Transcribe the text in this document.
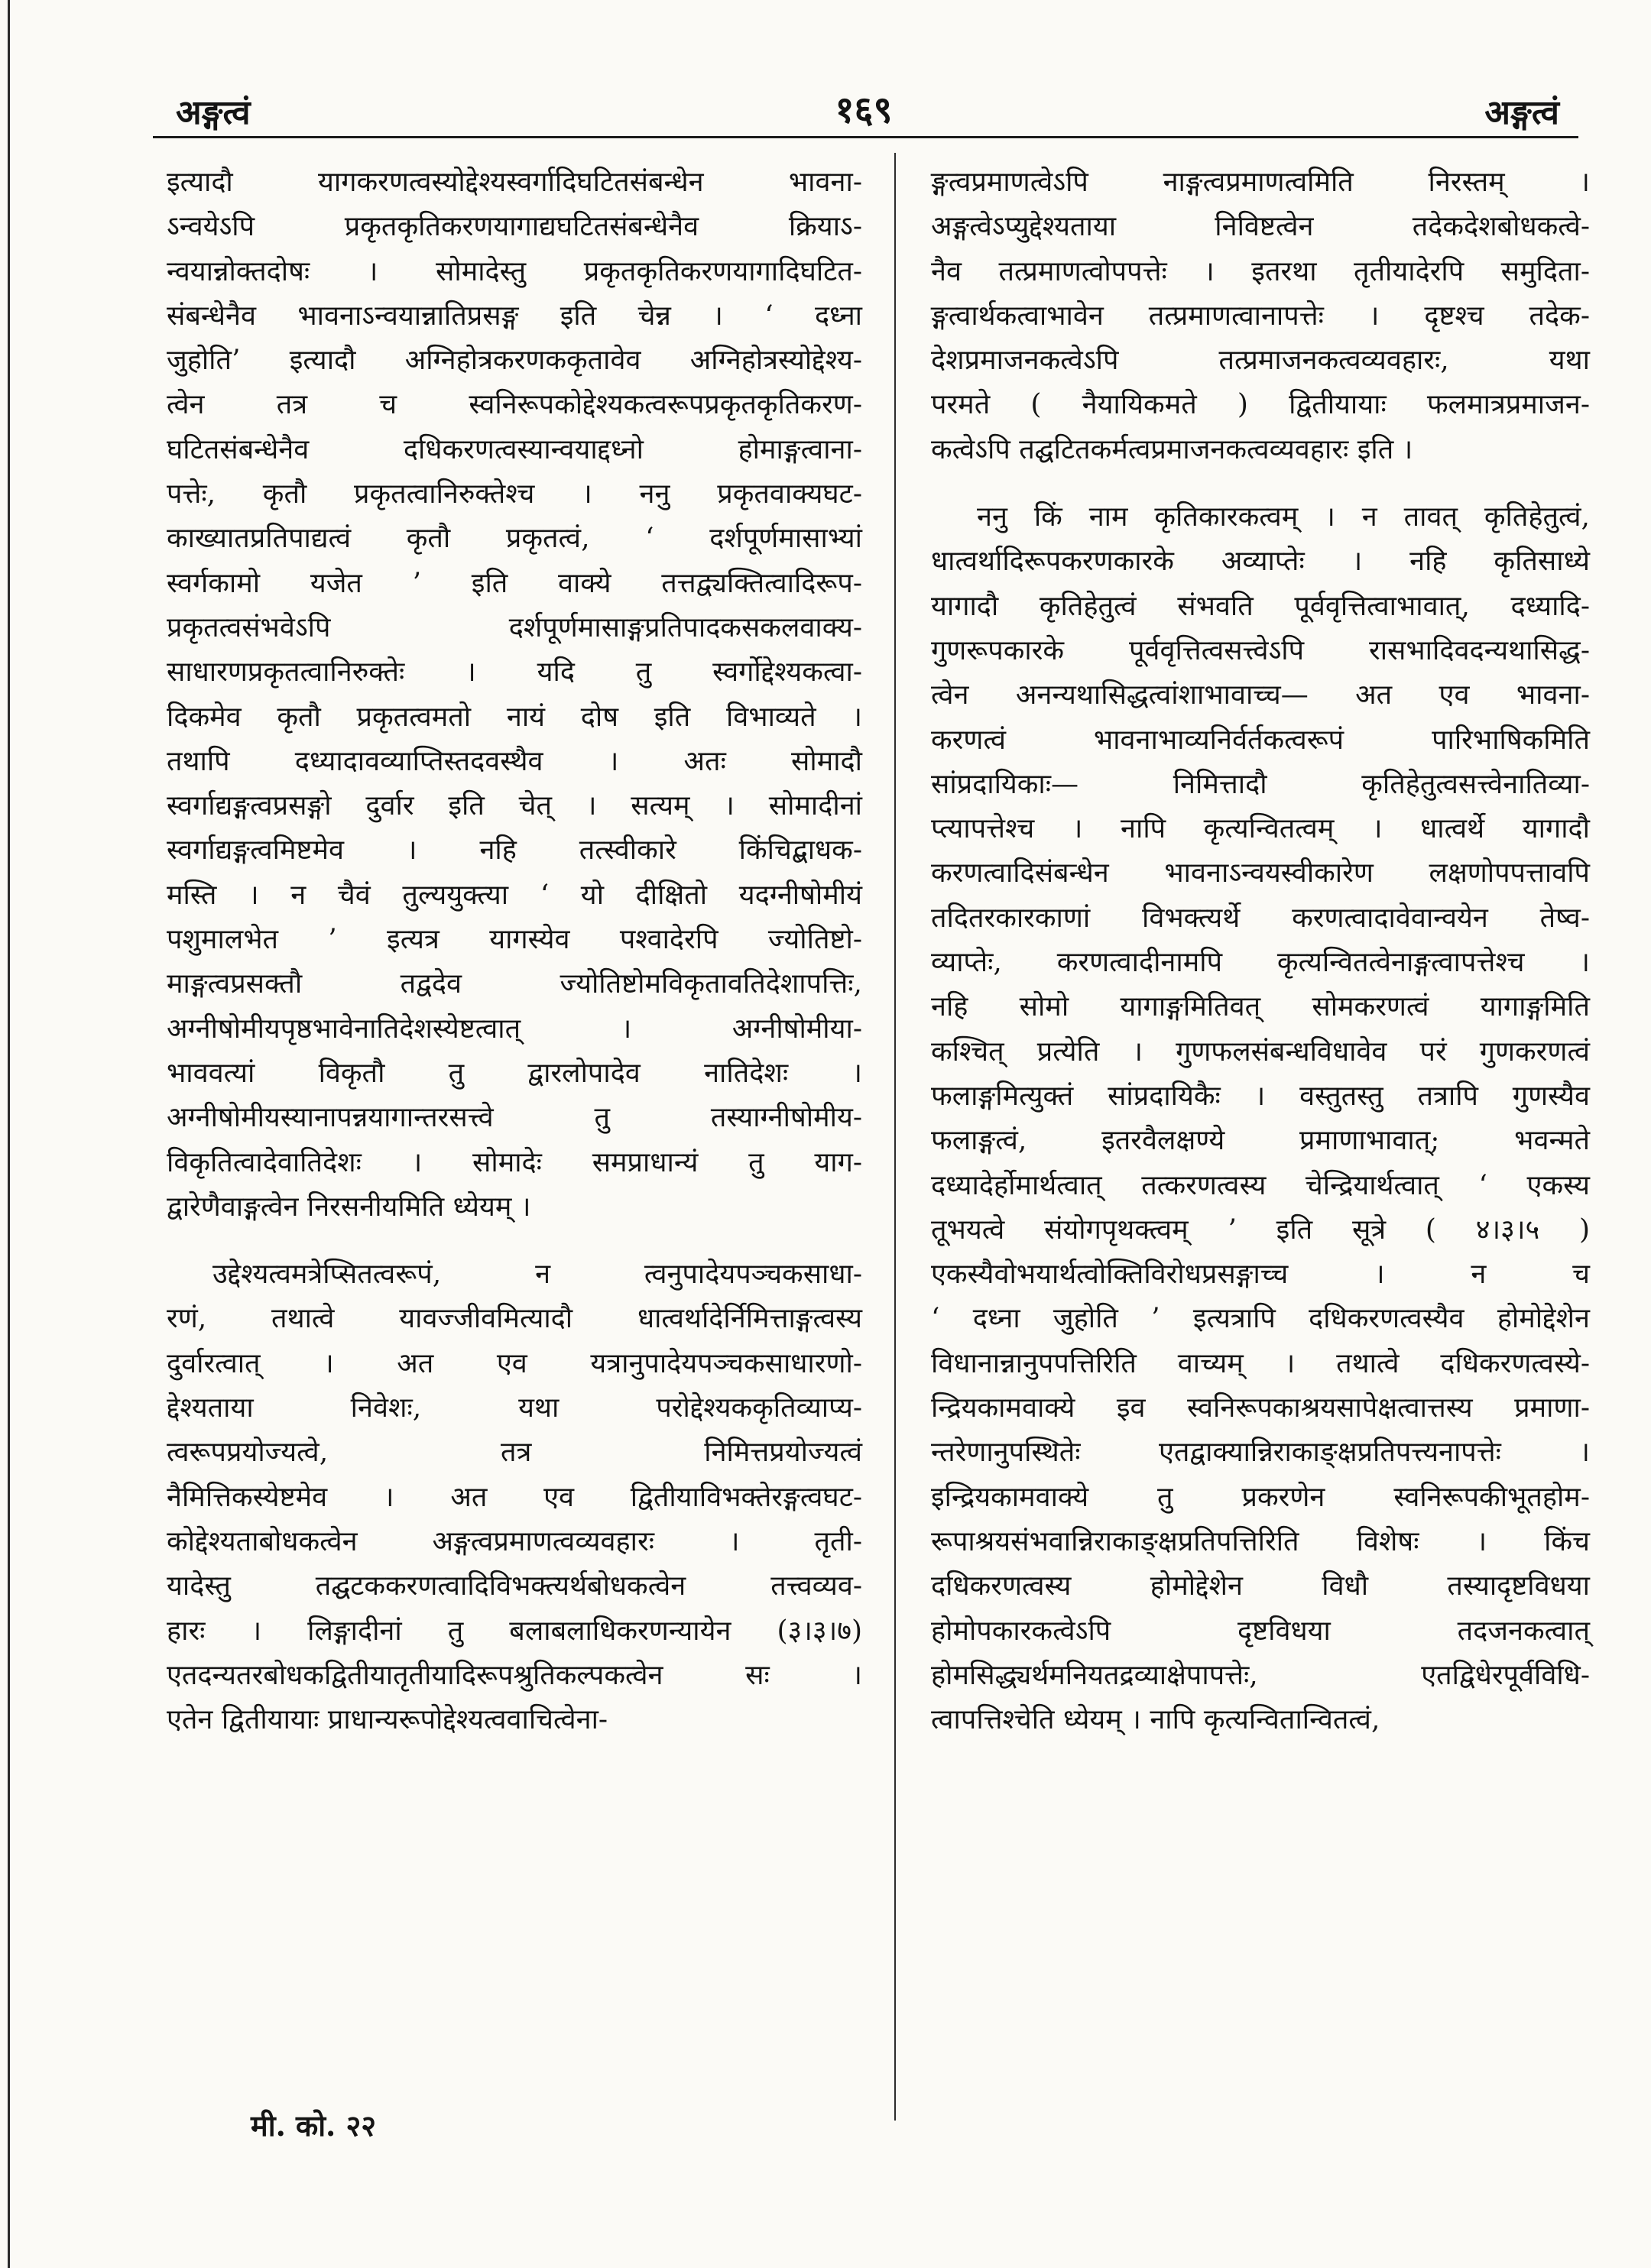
अङ्गत्वं	१६९	अङ्गत्वं

इत्यादौ यागकरणत्वस्योद्देश्यस्वर्गादिघटितसंबन्धेन भावना-

ऽन्वयेऽपि प्रकृतकृतिकरणयागाद्यघटितसंबन्धेनैव क्रियाऽ-

न्वयान्नोक्तदोषः । सोमादेस्तु प्रकृतकृतिकरणयागादिघटित-

संबन्धेनैव भावनाऽन्वयान्नातिप्रसङ्ग इति चेन्न । ‘ दध्ना

जुहोति’ इत्यादौ अग्निहोत्रकरणककृतावेव अग्निहोत्रस्योद्देश्य-

त्वेन तत्र च स्वनिरूपकोद्देश्यकत्वरूपप्रकृतकृतिकरण-

घटितसंबन्धेनैव दधिकरणत्वस्यान्वयाद्दध्नो होमाङ्गत्वाना-

पत्तेः, कृतौ प्रकृतत्वानिरुक्तेश्च । ननु प्रकृतवाक्यघट-

काख्यातप्रतिपाद्यत्वं कृतौ प्रकृतत्वं, ‘ दर्शपूर्णमासाभ्यां

स्वर्गकामो यजेत ’ इति वाक्ये तत्तद्व्यक्तित्वादिरूप-

प्रकृतत्वसंभवेऽपि दर्शपूर्णमासाङ्गप्रतिपादकसकलवाक्य-

साधारणप्रकृतत्वानिरुक्तेः । यदि तु स्वर्गोद्देश्यकत्वा-

दिकमेव कृतौ प्रकृतत्वमतो नायं दोष इति विभाव्यते ।

तथापि दध्यादावव्याप्तिस्तदवस्थैव । अतः सोमादौ

स्वर्गाद्यङ्गत्वप्रसङ्गो दुर्वार इति चेत् । सत्यम् । सोमादीनां

स्वर्गाद्यङ्गत्वमिष्टमेव । नहि तत्स्वीकारे किंचिद्बाधक-

मस्ति । न चैवं तुल्ययुक्त्या ‘ यो दीक्षितो यदग्नीषोमीयं

पशुमालभेत ’ इत्यत्र यागस्येव पश्वादेरपि ज्योतिष्टो-

माङ्गत्वप्रसक्तौ तद्वदेव ज्योतिष्टोमविकृतावतिदेशापत्तिः,

अग्नीषोमीयपृष्ठभावेनातिदेशस्येष्टत्वात् । अग्नीषोमीया-

भाववत्यां विकृतौ तु द्वारलोपादेव नातिदेशः ।

अग्नीषोमीयस्यानापन्नयागान्तरसत्त्वे तु तस्याग्नीषोमीय-

विकृतित्वादेवातिदेशः । सोमादेः समप्राधान्यं तु याग-

द्वारेणैवाङ्गत्वेन निरसनीयमिति ध्येयम् ।

उद्देश्यत्वमत्रेप्सितत्वरूपं, न त्वनुपादेयपञ्चकसाधा-

रणं, तथात्वे यावज्जीवमित्यादौ धात्वर्थादेर्निमित्ताङ्गत्वस्य

दुर्वारत्वात् । अत एव यत्रानुपादेयपञ्चकसाधारणो-

द्देश्यताया निवेशः, यथा परोद्देश्यककृतिव्याप्य-

त्वरूपप्रयोज्यत्वे, तत्र निमित्तप्रयोज्यत्वं

नैमित्तिकस्येष्टमेव । अत एव द्वितीयाविभक्तेरङ्गत्वघट-

कोद्देश्यताबोधकत्वेन अङ्गत्वप्रमाणत्वव्यवहारः । तृती-

यादेस्तु तद्घटककरणत्वादिविभक्त्यर्थबोधकत्वेन तत्त्वव्यव-

हारः । लिङ्गादीनां तु बलाबलाधिकरणन्यायेन (३।३।७)

एतदन्यतरबोधकद्वितीयातृतीयादिरूपश्रुतिकल्पकत्वेन सः ।

एतेन द्वितीयायाः प्राधान्यरूपोद्देश्यत्ववाचित्वेना-

ङ्गत्वप्रमाणत्वेऽपि नाङ्गत्वप्रमाणत्वमिति निरस्तम् ।

अङ्गत्वेऽप्युद्देश्यताया निविष्टत्वेन तदेकदेशबोधकत्वे-

नैव तत्प्रमाणत्वोपपत्तेः । इतरथा तृतीयादेरपि समुदिता-

ङ्गत्वार्थकत्वाभावेन तत्प्रमाणत्वानापत्तेः । दृष्टश्च तदेक-

देशप्रमाजनकत्वेऽपि तत्प्रमाजनकत्वव्यवहारः, यथा

परमते ( नैयायिकमते ) द्वितीयायाः फलमात्रप्रमाजन-

कत्वेऽपि तद्घटितकर्मत्वप्रमाजनकत्वव्यवहारः इति ।

ननु किं नाम कृतिकारकत्वम् । न तावत् कृतिहेतुत्वं,

धात्वर्थादिरूपकरणकारके अव्याप्तेः । नहि कृतिसाध्ये

यागादौ कृतिहेतुत्वं संभवति पूर्ववृत्तित्वाभावात्, दध्यादि-

गुणरूपकारके पूर्ववृत्तित्वसत्त्वेऽपि रासभादिवदन्यथासिद्ध-

त्वेन अनन्यथासिद्धत्वांशाभावाच्च— अत एव भावना-

करणत्वं भावनाभाव्यनिर्वर्तकत्वरूपं पारिभाषिकमिति

सांप्रदायिकाः— निमित्तादौ कृतिहेतुत्वसत्त्वेनातिव्या-

प्त्यापत्तेश्च । नापि कृत्यन्वितत्वम् । धात्वर्थे यागादौ

करणत्वादिसंबन्धेन भावनाऽन्वयस्वीकारेण लक्षणोपपत्तावपि

तदितरकारकाणां विभक्त्यर्थे करणत्वादावेवान्वयेन तेष्व-

व्याप्तेः, करणत्वादीनामपि कृत्यन्वितत्वेनाङ्गत्वापत्तेश्च ।

नहि सोमो यागाङ्गमितिवत् सोमकरणत्वं यागाङ्गमिति

कश्चित् प्रत्येति । गुणफलसंबन्धविधावेव परं गुणकरणत्वं

फलाङ्गमित्युक्तं सांप्रदायिकैः । वस्तुतस्तु तत्रापि गुणस्यैव

फलाङ्गत्वं, इतरवैलक्षण्ये प्रमाणाभावात्; भवन्मते

दध्यादेर्होमार्थत्वात् तत्करणत्वस्य चेन्द्रियार्थत्वात् ‘ एकस्य

तूभयत्वे संयोगपृथक्त्वम् ’ इति सूत्रे ( ४।३।५ )

एकस्यैवोभयार्थत्वोक्तिविरोधप्रसङ्गाच्च । न च

‘ दध्ना जुहोति ’ इत्यत्रापि दधिकरणत्वस्यैव होमोद्देशेन

विधानान्नानुपपत्तिरिति वाच्यम् । तथात्वे दधिकरणत्वस्ये-

न्द्रियकामवाक्ये इव स्वनिरूपकाश्रयसापेक्षत्वात्तस्य प्रमाणा-

न्तरेणानुपस्थितेः एतद्वाक्यान्निराकाङ्क्षप्रतिपत्त्यनापत्तेः ।

इन्द्रियकामवाक्ये तु प्रकरणेन स्वनिरूपकीभूतहोम-

रूपाश्रयसंभवान्निराकाङ्क्षप्रतिपत्तिरिति विशेषः । किंच

दधिकरणत्वस्य होमोद्देशेन विधौ तस्यादृष्टविधया

होमोपकारकत्वेऽपि दृष्टविधया तदजनकत्वात्

होमसिद्ध्यर्थमनियतद्रव्याक्षेपापत्तेः, एतद्विधेरपूर्वविधि-

त्वापत्तिश्चेति ध्येयम् । नापि कृत्यन्वितान्वितत्वं,

मी. को. २२
